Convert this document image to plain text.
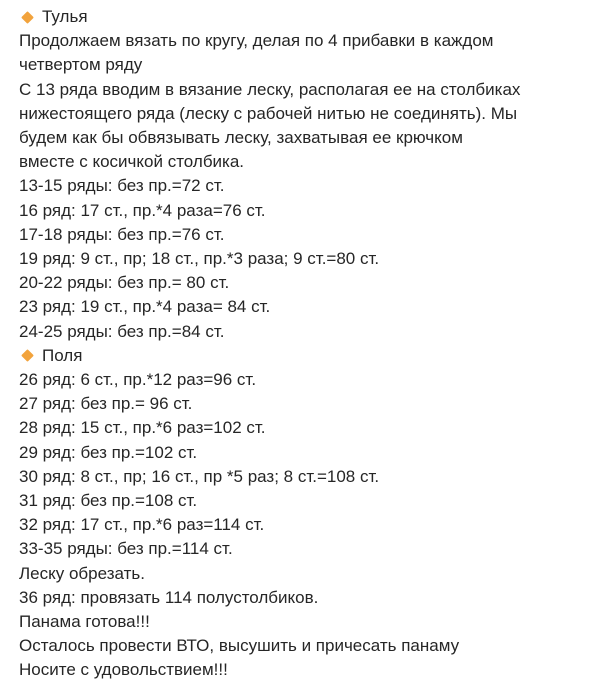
Тулья
Продолжаем вязать по кругу, делая по 4 прибавки в каждом
четвертом ряду
С 13 ряда вводим в вязание леску, располагая ее на столбиках
нижестоящего ряда (леску с рабочей нитью не соединять). Мы
будем как бы обвязывать леску, захватывая ее крючком
вместе с косичкой столбика.
13-15 ряды: без пр.=72 ст.
16 ряд: 17 ст., пр.*4 раза=76 ст.
17-18 ряды: без пр.=76 ст.
19 ряд: 9 ст., пр; 18 ст., пр.*3 раза; 9 ст.=80 ст.
20-22 ряды: без пр.= 80 ст.
23 ряд: 19 ст., пр.*4 раза= 84 ст.
24-25 ряды: без пр.=84 ст.
Поля
26 ряд: 6 ст., пр.*12 раз=96 ст.
27 ряд: без пр.= 96 ст.
28 ряд: 15 ст., пр.*6 раз=102 ст.
29 ряд: без пр.=102 ст.
30 ряд: 8 ст., пр; 16 ст., пр *5 раз; 8 ст.=108 ст.
31 ряд: без пр.=108 ст.
32 ряд: 17 ст., пр.*6 раз=114 ст.
33-35 ряды: без пр.=114 ст.
Леску обрезать.
36 ряд: провязать 114 полустолбиков.
Панама готова!!!
Осталось провести ВТО, высушить и причесать панаму
Носите с удовольствием!!!
